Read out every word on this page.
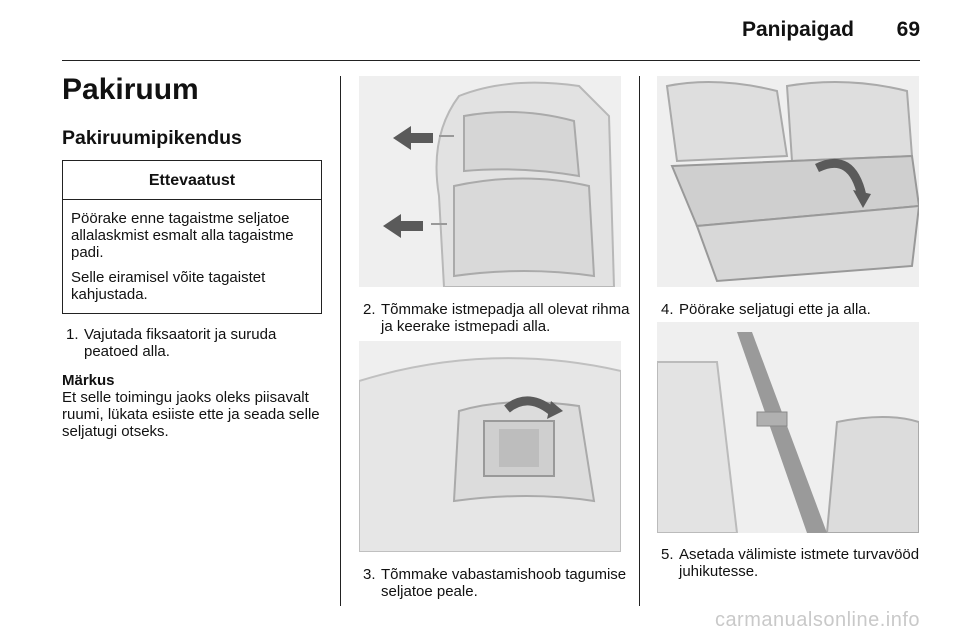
Panipaigad 69
Pakiruum
Pakiruumipikendus
Ettevaatust

Pöörake enne tagaistme seljatoe allalaskmist esmalt alla tagaistme padi.

Selle eiramisel võite tagaistet kahjustada.

1. Vajutada fiksaatorit ja suruda peatoed alla.
Märkus
Et selle toimingu jaoks oleks piisavalt ruumi, lükata esiiste ette ja seada selle seljatugi otseks.
2. Tõmmake istmepadja all olevat rihma ja keerake istmepadi alla.
3. Tõmmake vabastamishoob tagumise seljatoe peale.
4. Pöörake seljatugi ette ja alla.
5. Asetada välimiste istmete turvavööd juhikutesse.
carmanualsonline.info
